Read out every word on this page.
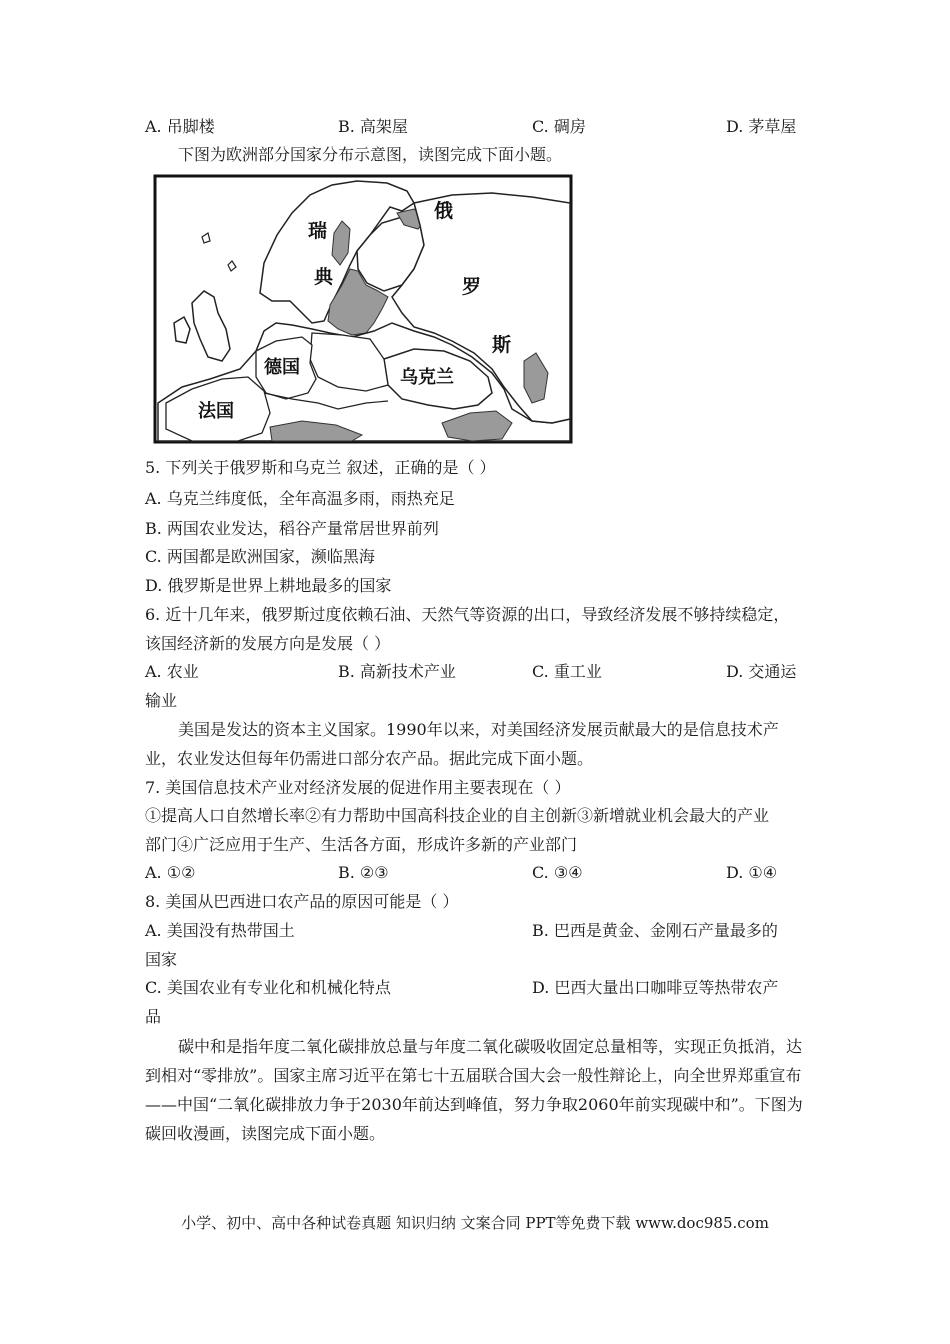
A. 吊脚楼	B. 高架屋	C. 碉房	D. 茅草屋
下图为欧洲部分国家分布示意图，读图完成下面小题。
瑞
典
俄
罗
斯
德国
法国
乌克兰
5. 下列关于俄罗斯和乌克兰 叙述，正确的是（ ）
A. 乌克兰纬度低，全年高温多雨，雨热充足
B. 两国农业发达，稻谷产量常居世界前列
C. 两国都是欧洲国家，濒临黑海
D. 俄罗斯是世界上耕地最多的国家
6. 近十几年来，俄罗斯过度依赖石油、天然气等资源的出口，导致经济发展不够持续稳定，
该国经济新的发展方向是发展（ ）
A. 农业	B. 高新技术产业	C. 重工业	D. 交通运
输业
美国是发达的资本主义国家。1990年以来，对美国经济发展贡献最大的是信息技术产业，农业发达但每年仍需进口部分农产品。据此完成下面小题。
7. 美国信息技术产业对经济发展的促进作用主要表现在（ ）
①提高人口自然增长率②有力帮助中国高科技企业的自主创新③新增就业机会最大的产业
部门④广泛应用于生产、生活各方面，形成许多新的产业部门
A. ①②	B. ②③	C. ③④	D. ①④
8. 美国从巴西进口农产品的原因可能是（ ）
A. 美国没有热带国土	B. 巴西是黄金、金刚石产量最多的
国家
C. 美国农业有专业化和机械化特点	D. 巴西大量出口咖啡豆等热带农产
品
碳中和是指年度二氧化碳排放总量与年度二氧化碳吸收固定总量相等，实现正负抵消，达到相对“零排放”。国家主席习近平在第七十五届联合国大会一般性辩论上，向全世界郑重宣布——中国“二氧化碳排放力争于2030年前达到峰值，努力争取2060年前实现碳中和”。下图为碳回收漫画，读图完成下面小题。
小学、初中、高中各种试卷真题 知识归纳 文案合同 PPT等免费下载 www.doc985.com
